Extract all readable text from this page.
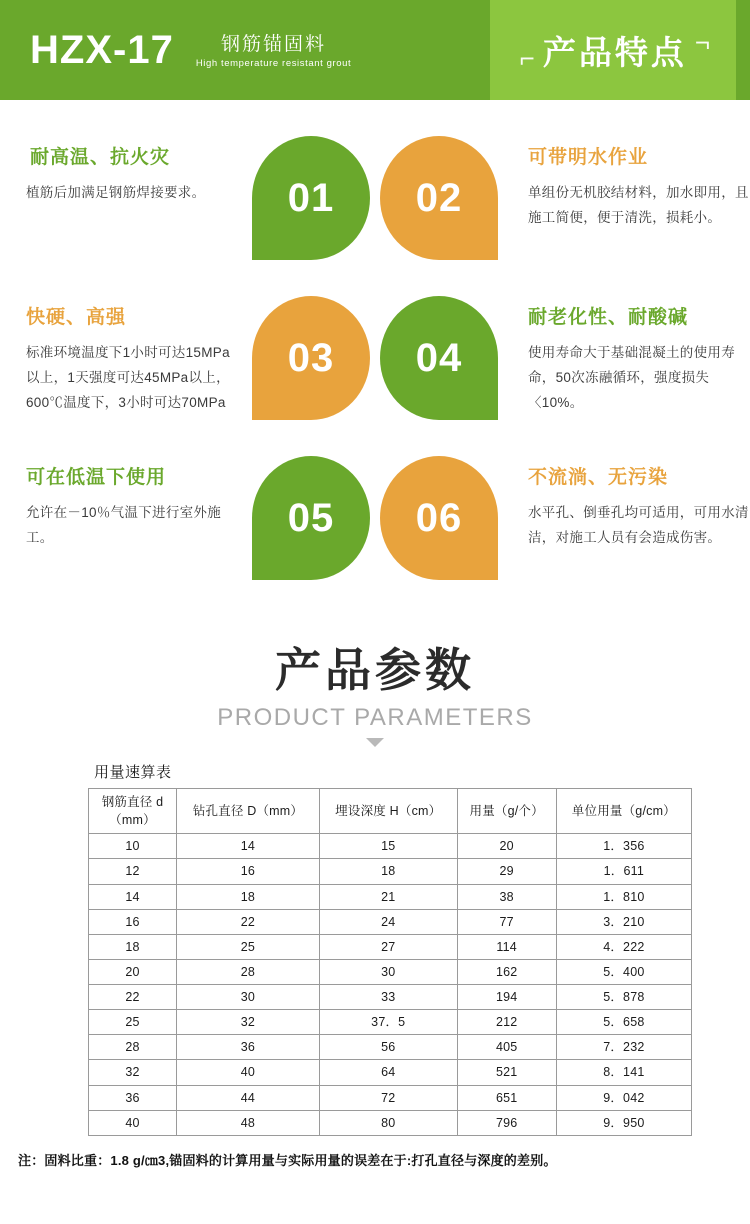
HZX-17	钢筋锚固料
High temperature resistant grout	⌐ 产品特点 ¬
耐高温、抗火灾
植筋后加满足钢筋焊接要求。	01	02
可带明水作业
单组份无机胶结材料，加水即用，且施工简便，便于清洗，损耗小。
快硬、高强
标准环境温度下1小时可达15MPa以上，1天强度可达45MPa以上，600℃温度下，3小时可达70MPa
03	04
耐老化性、耐酸碱
使用寿命大于基础混凝土的使用寿命，50次冻融循环，强度损失〈10%。
可在低温下使用
允许在－10％气温下进行室外施工。	05	06
不流淌、无污染
水平孔、倒垂孔均可适用，可用水清洁，对施工人员有会造成伤害。
产品参数
PRODUCT PARAMETERS
用量速算表
钢筋直径 d（mm）	钻孔直径 D（mm）	埋设深度 H（cm）	用量（g/个）	单位用量（g/cm）
10	14	15	20	1．356
12	16	18	29	1．611
14	18	21	38	1．810
16	22	24	77	3．210
18	25	27	114	4．222
20	28	30	162	5．400
22	30	33	194	5．878
25	32	37．5	212	5．658
28	36	56	405	7．232
32	40	64	521	8．141
36	44	72	651	9．042
40	48	80	796	9．950
注：固料比重：1.8 g/㎝3,锚固料的计算用量与实际用量的误差在于:打孔直径与深度的差别。
